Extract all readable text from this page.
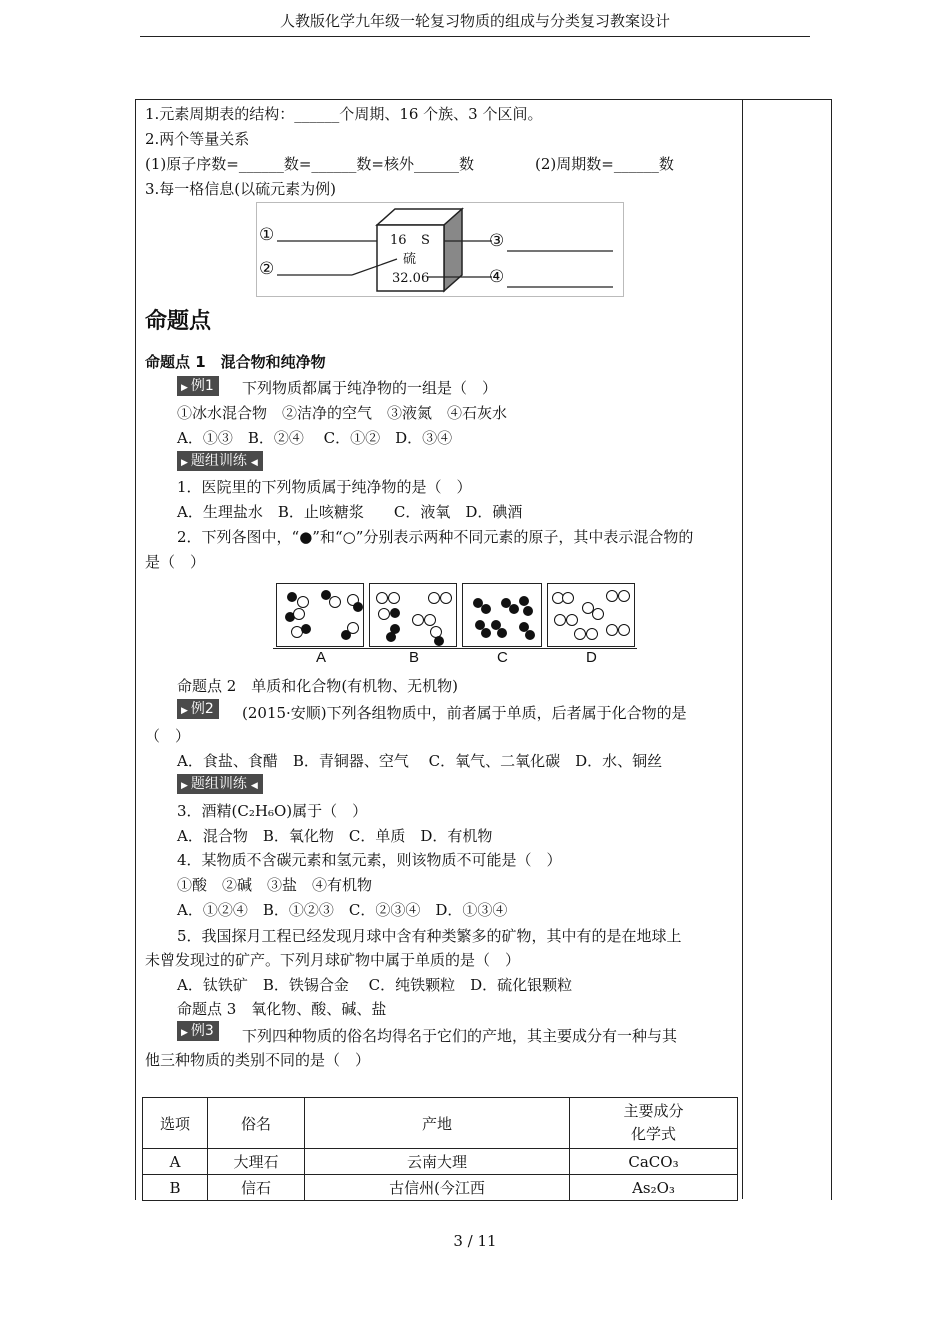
人教版化学九年级一轮复习物质的组成与分类复习教案设计
1.元素周期表的结构：______个周期、16 个族、3 个区间。
2.两个等量关系
(1)原子序数=______数=______数=核外______数	(2)周期数=______数
3.每一格信息(以硫元素为例)
①
②
③
④
16 S
硫
32.06
命题点
命题点 1　混合物和纯净物
▶ 例1	下列物质都属于纯净物的一组是（　）
①冰水混合物　②洁净的空气　③液氮　④石灰水
A．①③　B．②④　 C．①②　D．③④
▶ 题组训练 ◀
1．医院里的下列物质属于纯净物的是（　）
A．生理盐水　B．止咳糖浆　　C．液氧　D．碘酒
2．下列各图中，“●”和“○”分别表示两种不同元素的原子，其中表示混合物的
是（　）
A	B	C	D
命题点 2　单质和化合物(有机物、无机物)
▶ 例2	(2015·安顺)下列各组物质中，前者属于单质，后者属于化合物的是
（　）
A．食盐、食醋　B．青铜器、空气　 C．氧气、二氧化碳　D．水、铜丝
▶ 题组训练 ◀
3．酒精(C₂H₆O)属于（　）
A．混合物　B．氧化物　C．单质　D．有机物
4．某物质不含碳元素和氢元素，则该物质不可能是（　）
①酸　②碱　③盐　④有机物
A．①②④　B．①②③　C．②③④　D．①③④
5．我国探月工程已经发现月球中含有种类繁多的矿物，其中有的是在地球上
未曾发现过的矿产。下列月球矿物中属于单质的是（　）
A．钛铁矿　B．铁锡合金　 C．纯铁颗粒　D．硫化银颗粒
命题点 3　氧化物、酸、碱、盐
▶ 例3	下列四种物质的俗名均得名于它们的产地，其主要成分有一种与其
他三种物质的类别不同的是（　）
选项	俗名	产地	主要成分
化学式

A	大理石	云南大理	CaCO₃
B	信石	古信州(今江西	As₂O₃
3 / 11
